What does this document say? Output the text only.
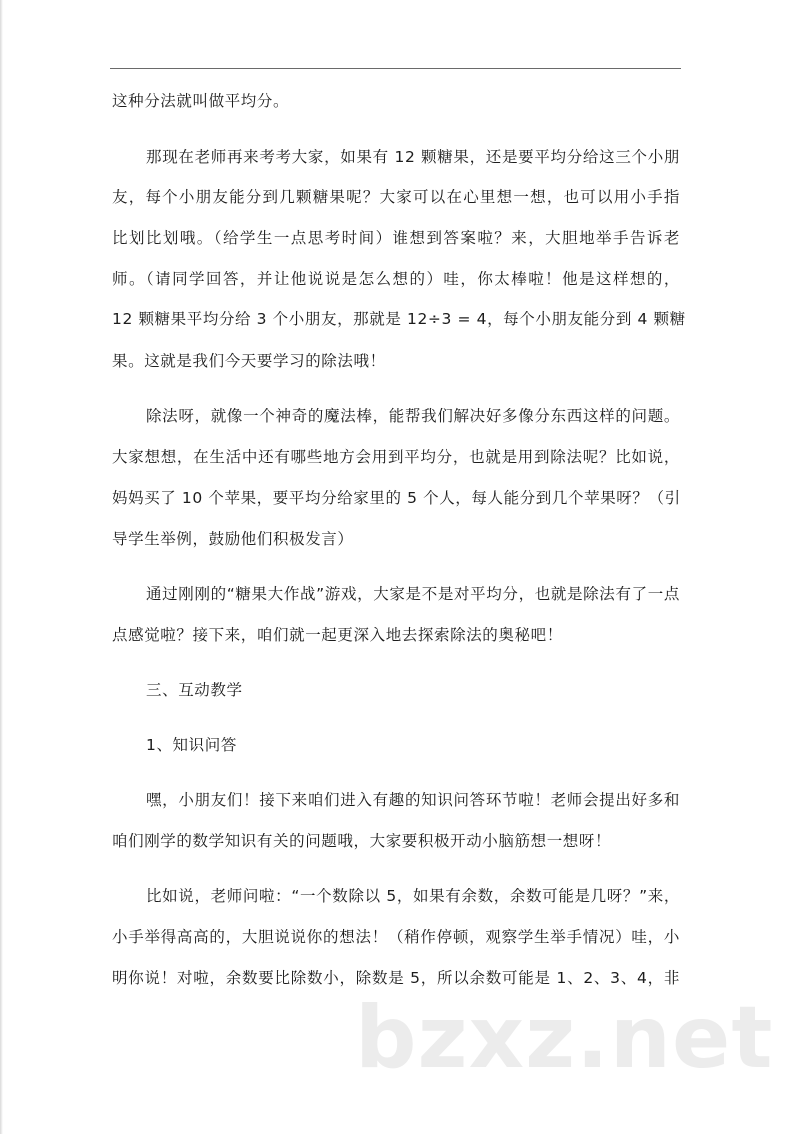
这种分法就叫做平均分。
那现在老师再来考考大家，如果有 12 颗糖果，还是要平均分给这三个小朋
友，每个小朋友能分到几颗糖果呢？大家可以在心里想一想，也可以用小手指
比划比划哦。（给学生一点思考时间）谁想到答案啦？来，大胆地举手告诉老
师。（请同学回答，并让他说说是怎么想的）哇，你太棒啦！他是这样想的，
12 颗糖果平均分给 3 个小朋友，那就是 12÷3 = 4，每个小朋友能分到 4 颗糖
果。这就是我们今天要学习的除法哦！
除法呀，就像一个神奇的魔法棒，能帮我们解决好多像分东西这样的问题。
大家想想，在生活中还有哪些地方会用到平均分，也就是用到除法呢？比如说，
妈妈买了 10 个苹果，要平均分给家里的 5 个人，每人能分到几个苹果呀？（引
导学生举例，鼓励他们积极发言）
通过刚刚的“糖果大作战”游戏，大家是不是对平均分，也就是除法有了一点
点感觉啦？接下来，咱们就一起更深入地去探索除法的奥秘吧！
三、互动教学
1、知识问答
嘿，小朋友们！接下来咱们进入有趣的知识问答环节啦！老师会提出好多和
咱们刚学的数学知识有关的问题哦，大家要积极开动小脑筋想一想呀！
比如说，老师问啦：“一个数除以 5，如果有余数，余数可能是几呀？”来，
小手举得高高的，大胆说说你的想法！（稍作停顿，观察学生举手情况）哇，小
明你说！对啦，余数要比除数小，除数是 5，所以余数可能是 1、2、3、4，非
bzxz.net
